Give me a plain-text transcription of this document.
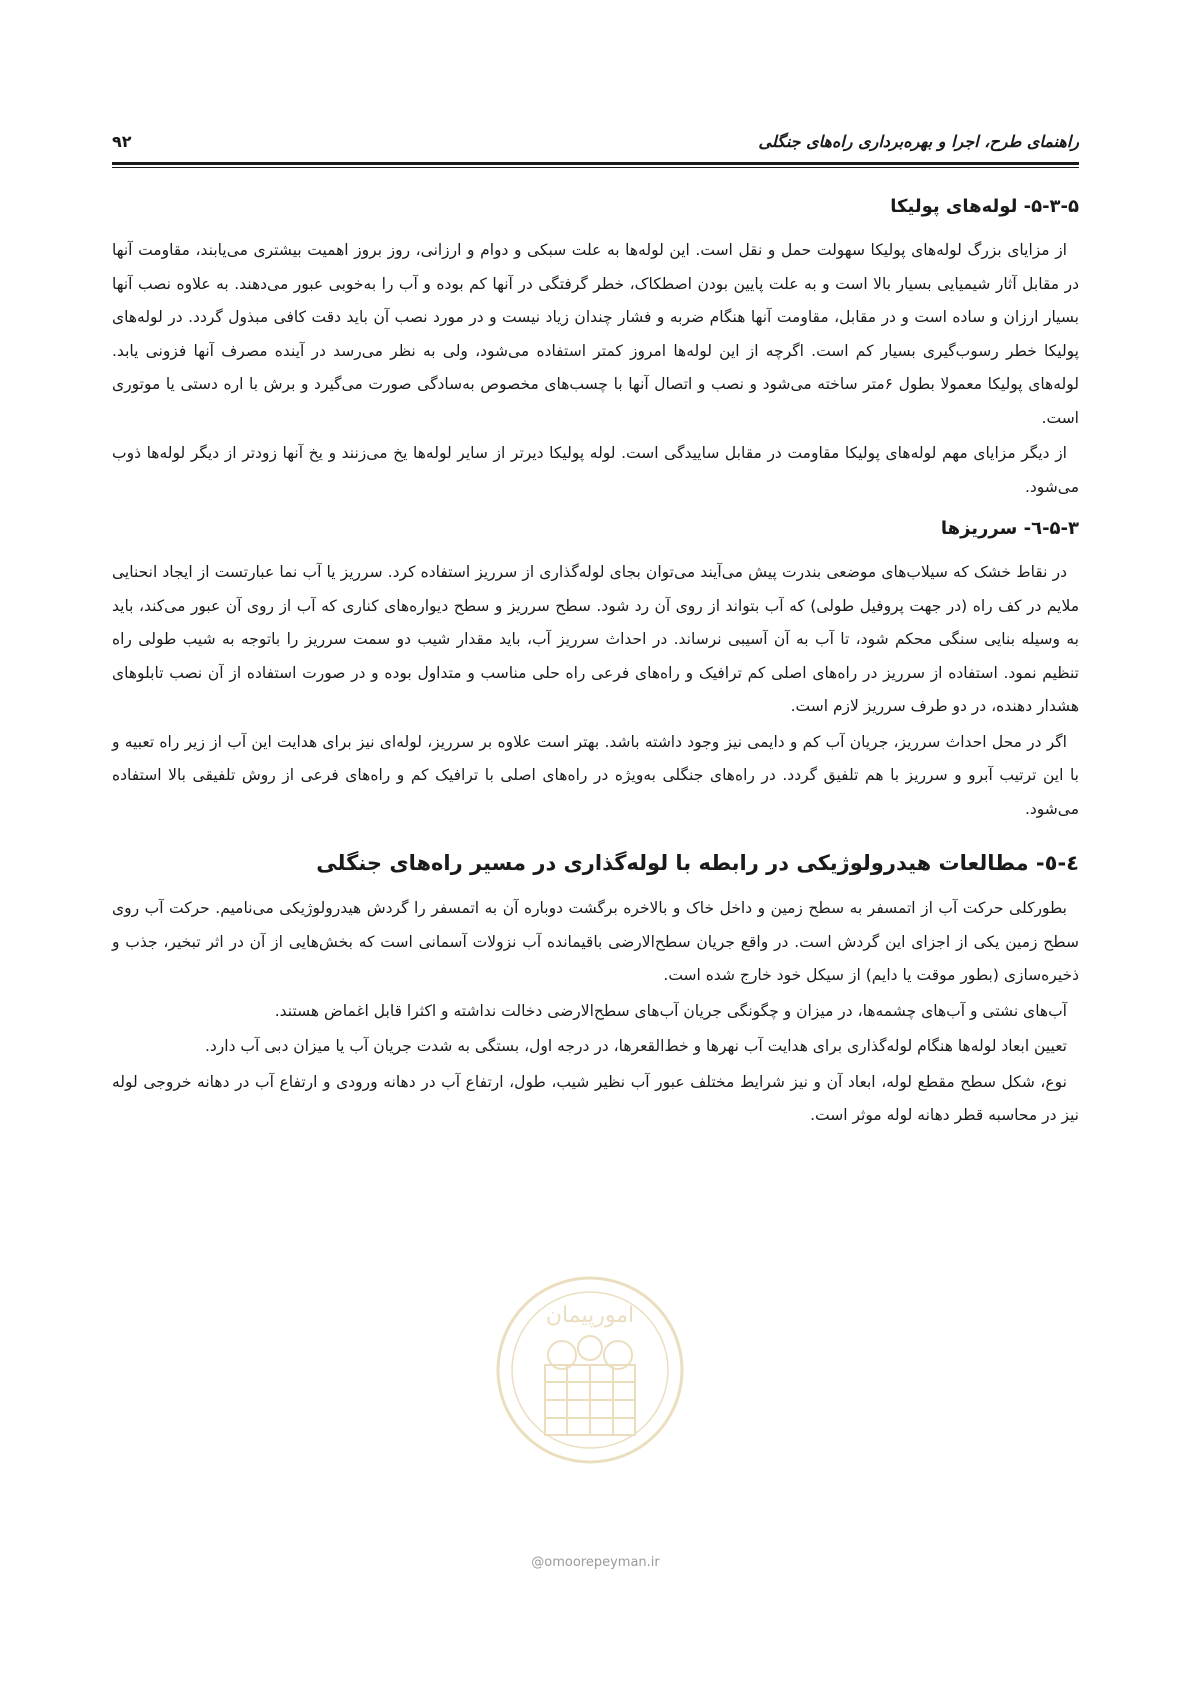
راهنمای طرح، اجرا و بهره‌برداری راه‌های جنگلی
۹۲
۵-۳-۵- لوله‌های پولیکا

از مزایای بزرگ لوله‌های پولیکا سهولت حمل و نقل است. این لوله‌ها به علت سبکی و دوام و ارزانی، روز بروز اهمیت بیشتری می‌یابند، مقاومت آنها در مقابل آثار شیمیایی بسیار بالا است و به علت پایین بودن اصطکاک، خطر گرفتگی در آنها کم بوده و آب را به‌خوبی عبور می‌دهند. به علاوه نصب آنها بسیار ارزان و ساده است و در مقابل، مقاومت آنها هنگام ضربه و فشار چندان زیاد نیست و در مورد نصب آن باید دقت کافی مبذول گردد. در لوله‌های پولیکا خطر رسوب‌گیری بسیار کم است. اگرچه از این لوله‌ها امروز کمتر استفاده می‌شود، ولی به نظر می‌رسد در آینده مصرف آنها فزونی یابد. لوله‌های پولیکا معمولا بطول ۶متر ساخته می‌شود و نصب و اتصال آنها با چسب‌های مخصوص به‌سادگی صورت می‌گیرد و برش با اره دستی یا موتوری است.

از دیگر مزایای مهم لوله‌های پولیکا مقاومت در مقابل ساییدگی است. لوله پولیکا دیرتر از سایر لوله‌ها یخ می‌زنند و یخ آنها زودتر از دیگر لوله‌ها ذوب می‌شود.

۵-۳-٦- سرریزها

در نقاط خشک که سیلاب‌های موضعی بندرت پیش می‌آیند می‌توان بجای لوله‌گذاری از سرریز استفاده کرد. سرریز یا آب نما عبارتست از ایجاد انحنایی ملایم در کف راه (در جهت پروفیل طولی) که آب بتواند از روی آن رد شود. سطح سرریز و سطح دیواره‌های کناری که آب از روی آن عبور می‌کند، باید به وسیله بنایی سنگی محکم شود، تا آب به آن آسیبی نرساند. در احداث سرریز آب، باید مقدار شیب دو سمت سرریز را باتوجه به شیب طولی راه تنظیم نمود. استفاده از سرریز در راه‌های اصلی کم ترافیک و راه‌های فرعی راه حلی مناسب و متداول بوده و در صورت استفاده از آن نصب تابلوهای هشدار دهنده، در دو طرف سرریز لازم است.

اگر در محل احداث سرریز، جریان آب کم و دایمی نیز وجود داشته باشد. بهتر است علاوه بر سرریز، لوله‌ای نیز برای هدایت این آب از زیر راه تعبیه و با این ترتیب آبرو و سرریز با هم تلفیق گردد. در راه‌های جنگلی به‌ویژه در راه‌های اصلی با ترافیک کم و راه‌های فرعی از روش تلفیقی بالا استفاده می‌شود.

٤-٥- مطالعات هیدرولوژیکی در رابطه با لوله‌گذاری در مسیر راه‌های جنگلی

بطورکلی حرکت آب از اتمسفر به سطح زمین و داخل خاک و بالاخره برگشت دوباره آن به اتمسفر را گردش هیدرولوژیکی می‌نامیم. حرکت آب روی سطح زمین یکی از اجزای این گردش است. در واقع جریان سطح‌الارضی باقیمانده آب نزولات آسمانی است که بخش‌هایی از آن در اثر تبخیر، جذب و ذخیره‌سازی (بطور موقت یا دایم) از سیکل خود خارج شده است.

آب‌های نشتی و آب‌های چشمه‌ها، در میزان و چگونگی جریان آب‌های سطح‌الارضی دخالت نداشته و اکثرا قابل اغماض هستند.

تعیین ابعاد لوله‌ها هنگام لوله‌گذاری برای هدایت آب نهرها و خط‌القعرها، در درجه اول، بستگی به شدت جریان آب یا میزان دبی آب دارد.

نوع، شکل سطح مقطع لوله، ابعاد آن و نیز شرایط مختلف عبور آب نظیر شیب، طول، ارتفاع آب در دهانه ورودی و ارتفاع آب در دهانه خروجی لوله نیز در محاسبه قطر دهانه لوله موثر است.

امورپیمان
@omoorepeyman.ir
